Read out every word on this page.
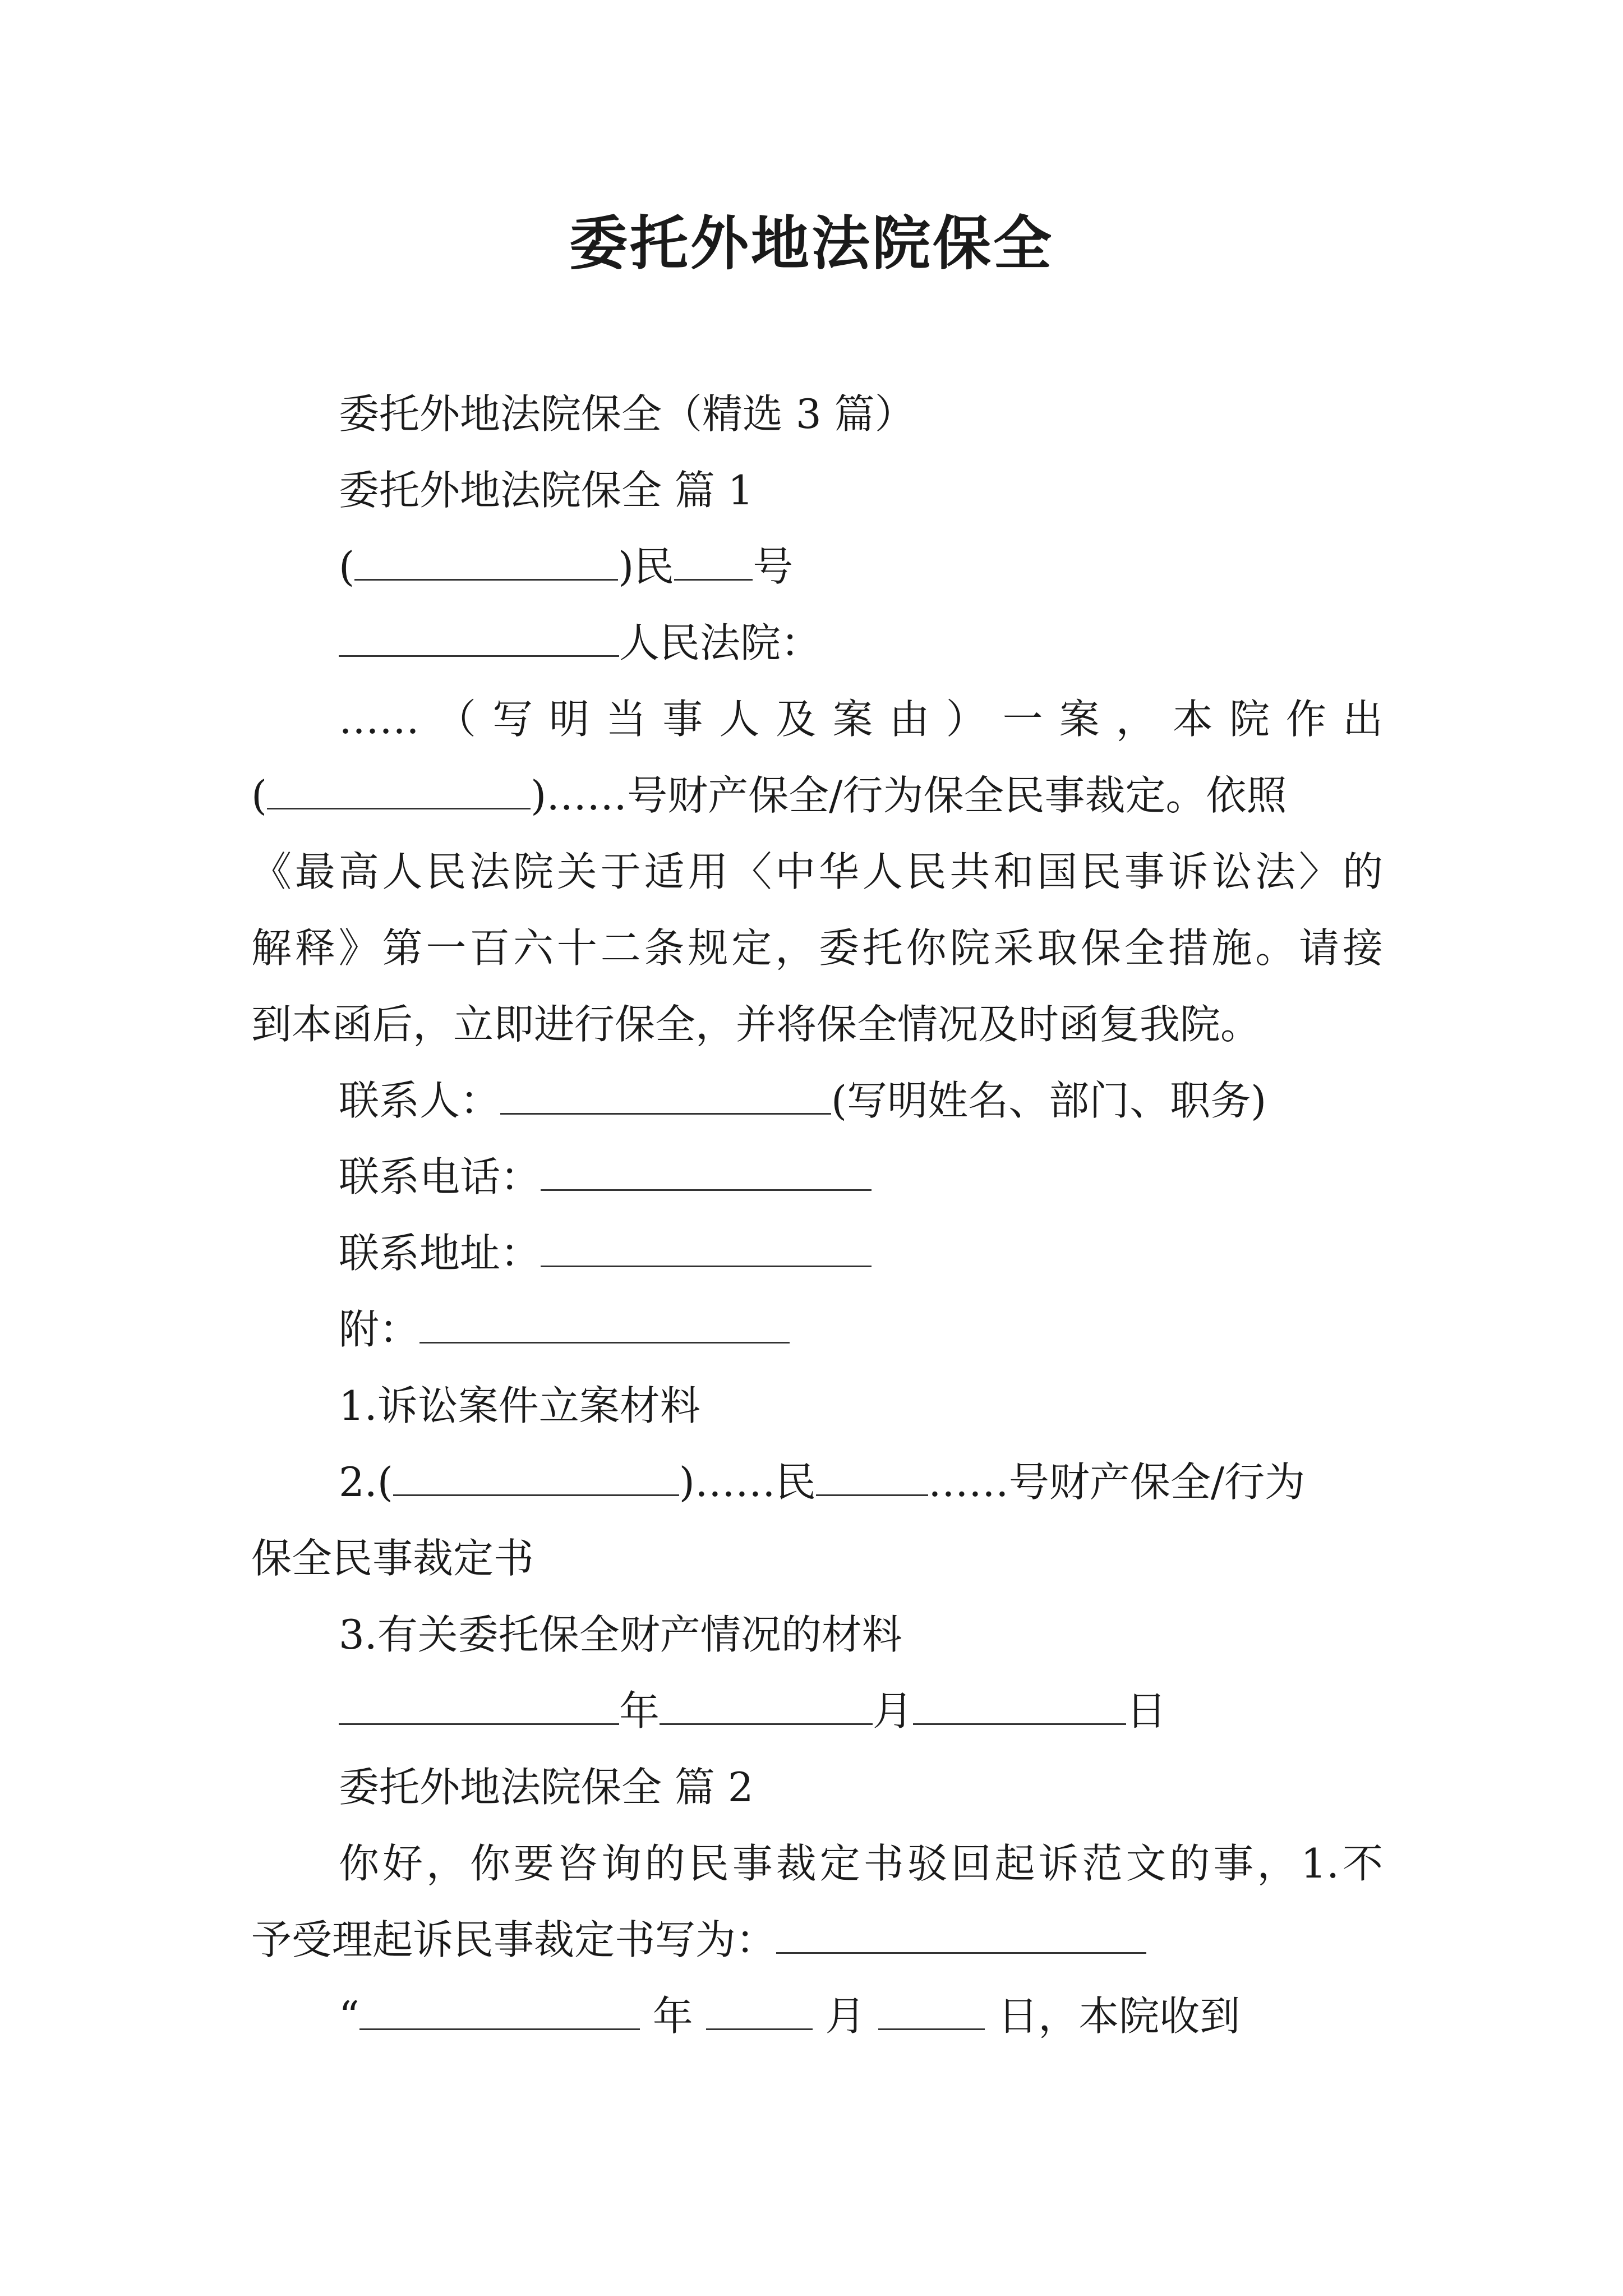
委托外地法院保全
委托外地法院保全（精选 3 篇）
委托外地法院保全 篇 1
(	)民 号
人民法院：
……（写明当事人及案由）一案，本院作出
(	)……号财产保全/行为保全民事裁定。依照
《最高人民法院关于适用〈中华人民共和国民事诉讼法〉的
解释》第一百六十二条规定，委托你院采取保全措施。请接
到本函后，立即进行保全，并将保全情况及时函复我院。
联系人：	(写明姓名、部门、职务)
联系电话：
联系地址：
附：
1.诉讼案件立案材料
2.(	)……民	……号财产保全/行为
保全民事裁定书
3.有关委托保全财产情况的材料
年	月	日
委托外地法院保全 篇 2
你好，你要咨询的民事裁定书驳回起诉范文的事，1.不
予受理起诉民事裁定书写为：
“	年	月	日，本院收到
